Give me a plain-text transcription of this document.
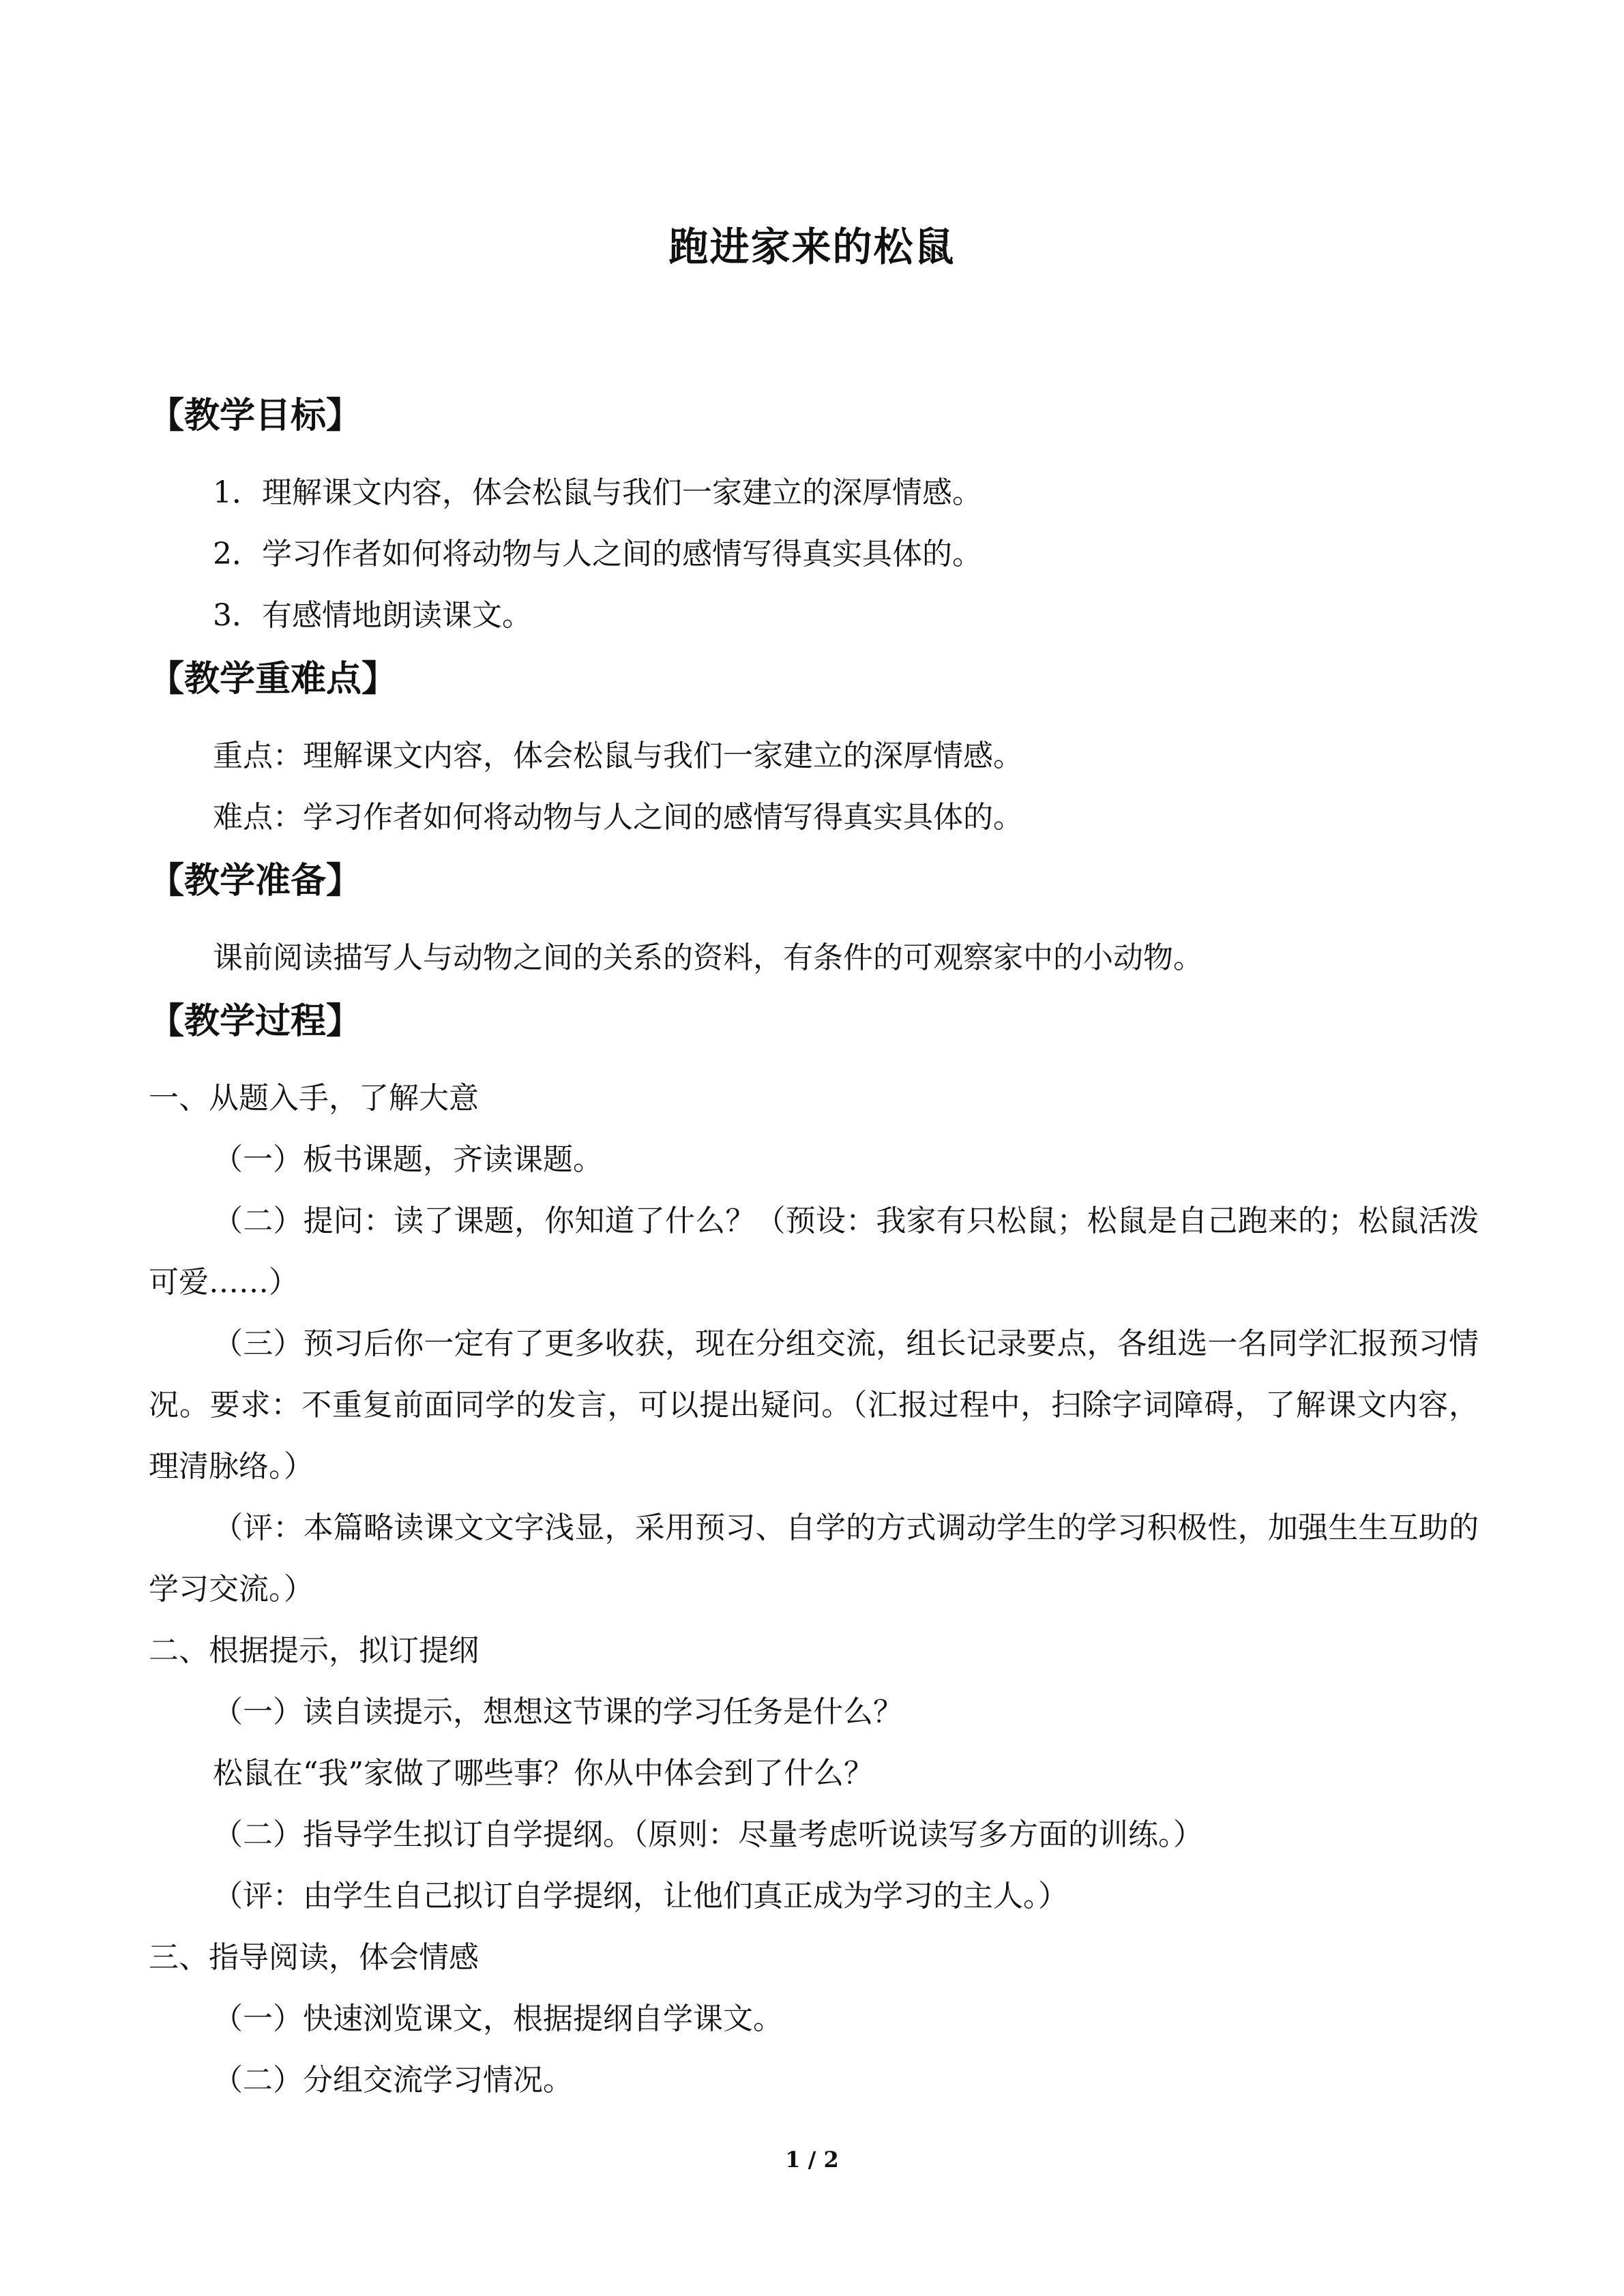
跑进家来的松鼠
【教学目标】
1．理解课文内容，体会松鼠与我们一家建立的深厚情感。
2．学习作者如何将动物与人之间的感情写得真实具体的。
3．有感情地朗读课文。
【教学重难点】
重点：理解课文内容，体会松鼠与我们一家建立的深厚情感。
难点：学习作者如何将动物与人之间的感情写得真实具体的。
【教学准备】
课前阅读描写人与动物之间的关系的资料，有条件的可观察家中的小动物。
【教学过程】
一、从题入手，了解大意
（一）板书课题，齐读课题。
（二）提问：读了课题，你知道了什么？（预设：我家有只松鼠；松鼠是自己跑来的；松鼠活泼可爱……）
（三）预习后你一定有了更多收获，现在分组交流，组长记录要点，各组选一名同学汇报预习情况。要求：不重复前面同学的发言，可以提出疑问。（汇报过程中，扫除字词障碍，了解课文内容，理清脉络。）
（评：本篇略读课文文字浅显，采用预习、自学的方式调动学生的学习积极性，加强生生互助的学习交流。）
二、根据提示，拟订提纲
（一）读自读提示，想想这节课的学习任务是什么？
松鼠在“我”家做了哪些事？你从中体会到了什么？
（二）指导学生拟订自学提纲。（原则：尽量考虑听说读写多方面的训练。）
（评：由学生自己拟订自学提纲，让他们真正成为学习的主人。）
三、指导阅读，体会情感
（一）快速浏览课文，根据提纲自学课文。
（二）分组交流学习情况。
1 / 2
